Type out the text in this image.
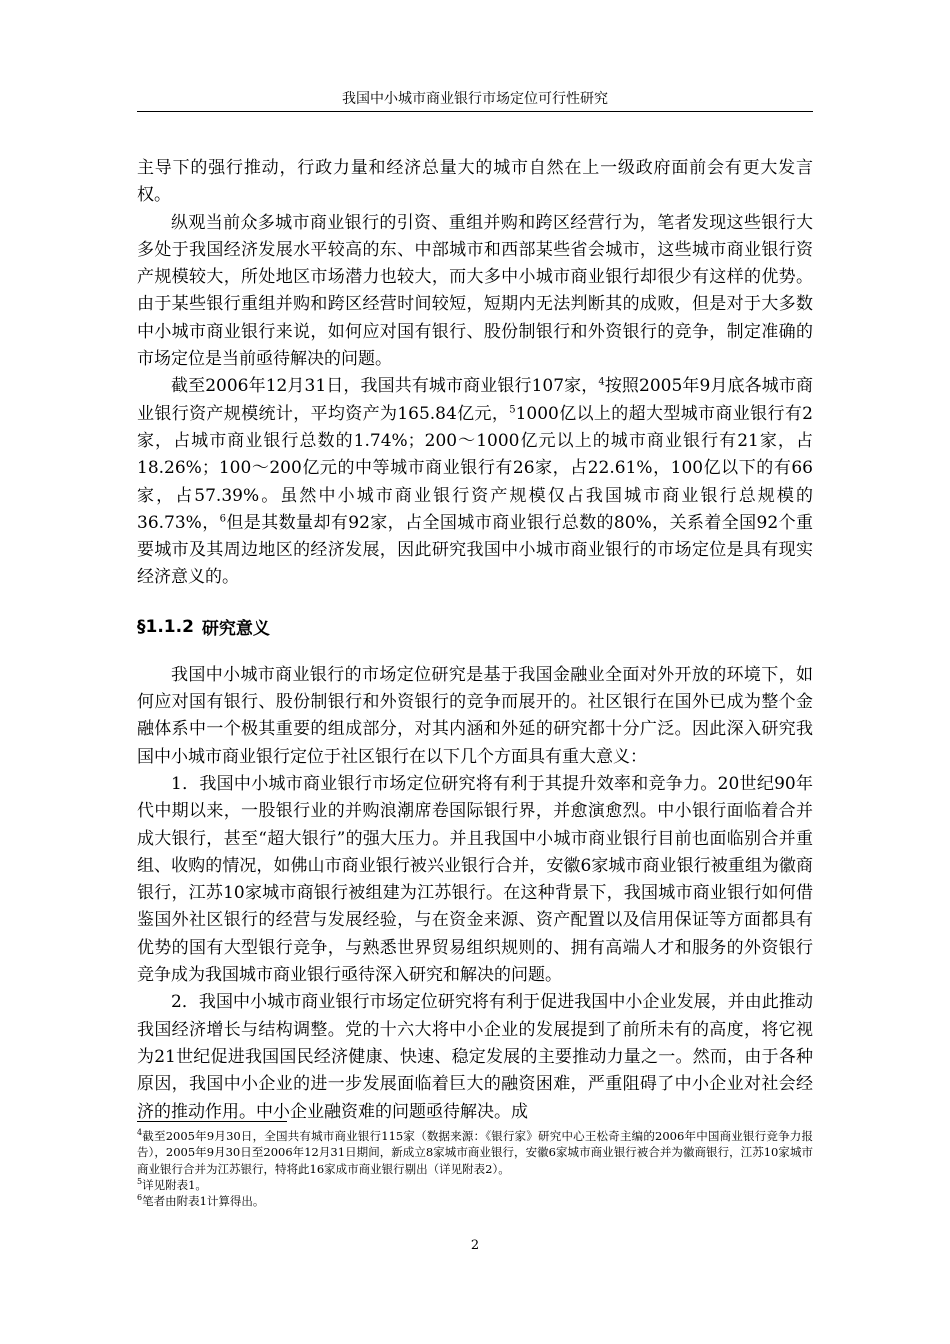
我国中小城市商业银行市场定位可行性研究

主导下的强行推动，行政力量和经济总量大的城市自然在上一级政府面前会有更大发言权。

纵观当前众多城市商业银行的引资、重组并购和跨区经营行为，笔者发现这些银行大多处于我国经济发展水平较高的东、中部城市和西部某些省会城市，这些城市商业银行资产规模较大，所处地区市场潜力也较大，而大多中小城市商业银行却很少有这样的优势。由于某些银行重组并购和跨区经营时间较短，短期内无法判断其的成败，但是对于大多数中小城市商业银行来说，如何应对国有银行、股份制银行和外资银行的竞争，制定准确的市场定位是当前亟待解决的问题。

截至2006年12月31日，我国共有城市商业银行107家，$^4$按照2005年9月底各城市商业银行资产规模统计，平均资产为165.84亿元，$^5$1000亿以上的超大型城市商业银行有2家，占城市商业银行总数的1.74%；200～1000亿元以上的城市商业银行有21家，占18.26%；100～200亿元的中等城市商业银行有26家，占22.61%，100亿以下的有66家，占57.39%。虽然中小城市商业银行资产规模仅占我国城市商业银行总规模的36.73%，$^6$但是其数量却有92家，占全国城市商业银行总数的80%，关系着全国92个重要城市及其周边地区的经济发展，因此研究我国中小城市商业银行的市场定位是具有现实经济意义的。

§1.1.2 研究意义

我国中小城市商业银行的市场定位研究是基于我国金融业全面对外开放的环境下，如何应对国有银行、股份制银行和外资银行的竞争而展开的。社区银行在国外已成为整个金融体系中一个极其重要的组成部分，对其内涵和外延的研究都十分广泛。因此深入研究我国中小城市商业银行定位于社区银行在以下几个方面具有重大意义：

1．我国中小城市商业银行市场定位研究将有利于其提升效率和竞争力。20世纪90年代中期以来，一股银行业的并购浪潮席卷国际银行界，并愈演愈烈。中小银行面临着合并成大银行，甚至“超大银行”的强大压力。并且我国中小城市商业银行目前也面临别合并重组、收购的情况，如佛山市商业银行被兴业银行合并，安徽6家城市商业银行被重组为徽商银行，江苏10家城市商银行被组建为江苏银行。在这种背景下，我国城市商业银行如何借鉴国外社区银行的经营与发展经验，与在资金来源、资产配置以及信用保证等方面都具有优势的国有大型银行竞争，与熟悉世界贸易组织规则的、拥有高端人才和服务的外资银行竞争成为我国城市商业银行亟待深入研究和解决的问题。

2．我国中小城市商业银行市场定位研究将有利于促进我国中小企业发展，并由此推动我国经济增长与结构调整。党的十六大将中小企业的发展提到了前所未有的高度，将它视为21世纪促进我国国民经济健康、快速、稳定发展的主要推动力量之一。然而，由于各种原因，我国中小企业的进一步发展面临着巨大的融资困难，严重阻碍了中小企业对社会经济的推动作用。中小企业融资难的问题亟待解决。成

$^4$截至2005年9月30日，全国共有城市商业银行115家（数据来源：《银行家》研究中心王松奇主编的2006年中国商业银行竞争力报告），2005年9月30日至2006年12月31日期间，新成立8家城市商业银行，安徽6家城市商业银行被合并为徽商银行，江苏10家城市商业银行合并为江苏银行，特将此16家成市商业银行剔出（详见附表2）。

$^5$详见附表1。

$^6$笔者由附表1计算得出。

2
